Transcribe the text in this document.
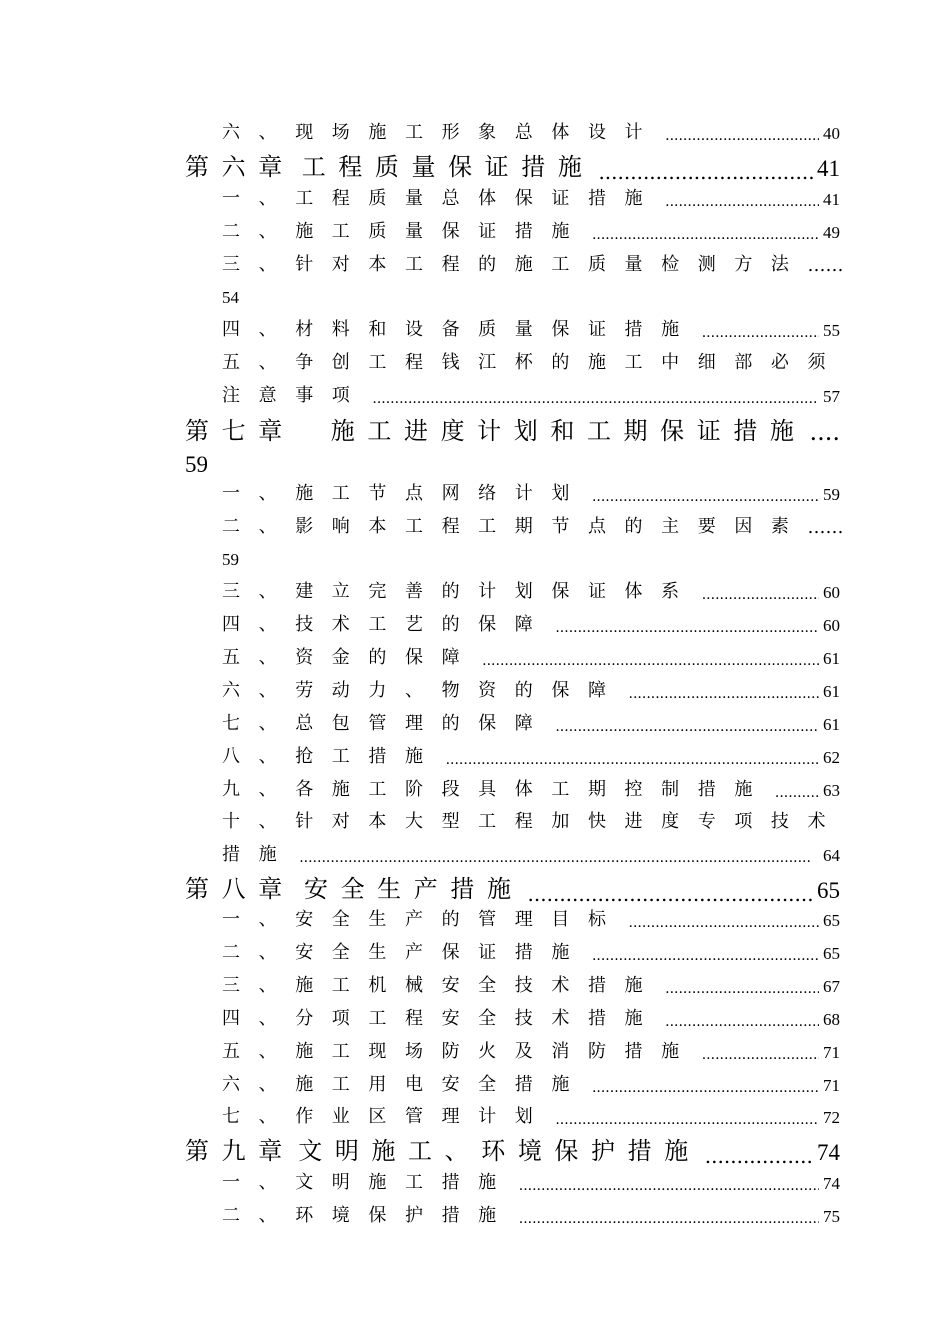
六	、	现	场	施	工	形	象	总	体	设	计 .....	40
第 六 章 工 程 质 量 保 证 措 施 .....	41
一	、	工	程	质	量	总	体	保	证	措	施 .....	41
二	、	施	工	质	量	保	证	措	施 .....	49
三	、	针	对	本	工	程	的	施	工	质	量	检	测	方	法	……
54
四	、	材	料	和	设	备	质	量	保	证	措	施 .....	55
五	、	争	创	工	程	钱	江	杯	的	施	工	中	细	部	必	须
注	意	事	项 .....	57
第 七 章	施 工 进 度 计 划 和 工 期 保 证 措 施 ....
59
一	、	施	工	节	点	网	络	计	划 .....	59
二	、	影	响	本	工	程	工	期	节	点	的	主	要	因	素	……
59
三	、	建	立	完	善	的	计	划	保	证	体	系 .....	60
四	、	技	术	工	艺	的	保	障 .....	60
五	、	资	金	的	保	障 .....	61
六	、	劳	动	力	、	物	资	的	保	障 .....	61
七	、	总	包	管	理	的	保	障 .....	61
八	、	抢	工	措	施 .....	62
九	、	各	施	工	阶	段	具	体	工	期	控	制	措	施 .....	63
十	、	针	对	本	大	型	工	程	加	快	进	度	专	项	技	术
措	施 .....	64
第 八 章 安 全 生 产 措 施 .....	65
一	、	安	全	生	产	的	管	理	目	标 .....	65
二	、	安	全	生	产	保	证	措	施 .....	65
三	、	施	工	机	械	安	全	技	术	措	施 .....	67
四	、	分	项	工	程	安	全	技	术	措	施 .....	68
五	、	施	工	现	场	防	火	及	消	防	措	施 .....	71
六	、	施	工	用	电	安	全	措	施 .....	71
七	、	作	业	区	管	理	计	划 .....	72
第 九 章 文 明 施 工 、 环 境 保 护 措 施 .....	74
一	、	文	明	施	工	措	施 .....	74
二	、	环	境	保	护	措	施 .....	75
